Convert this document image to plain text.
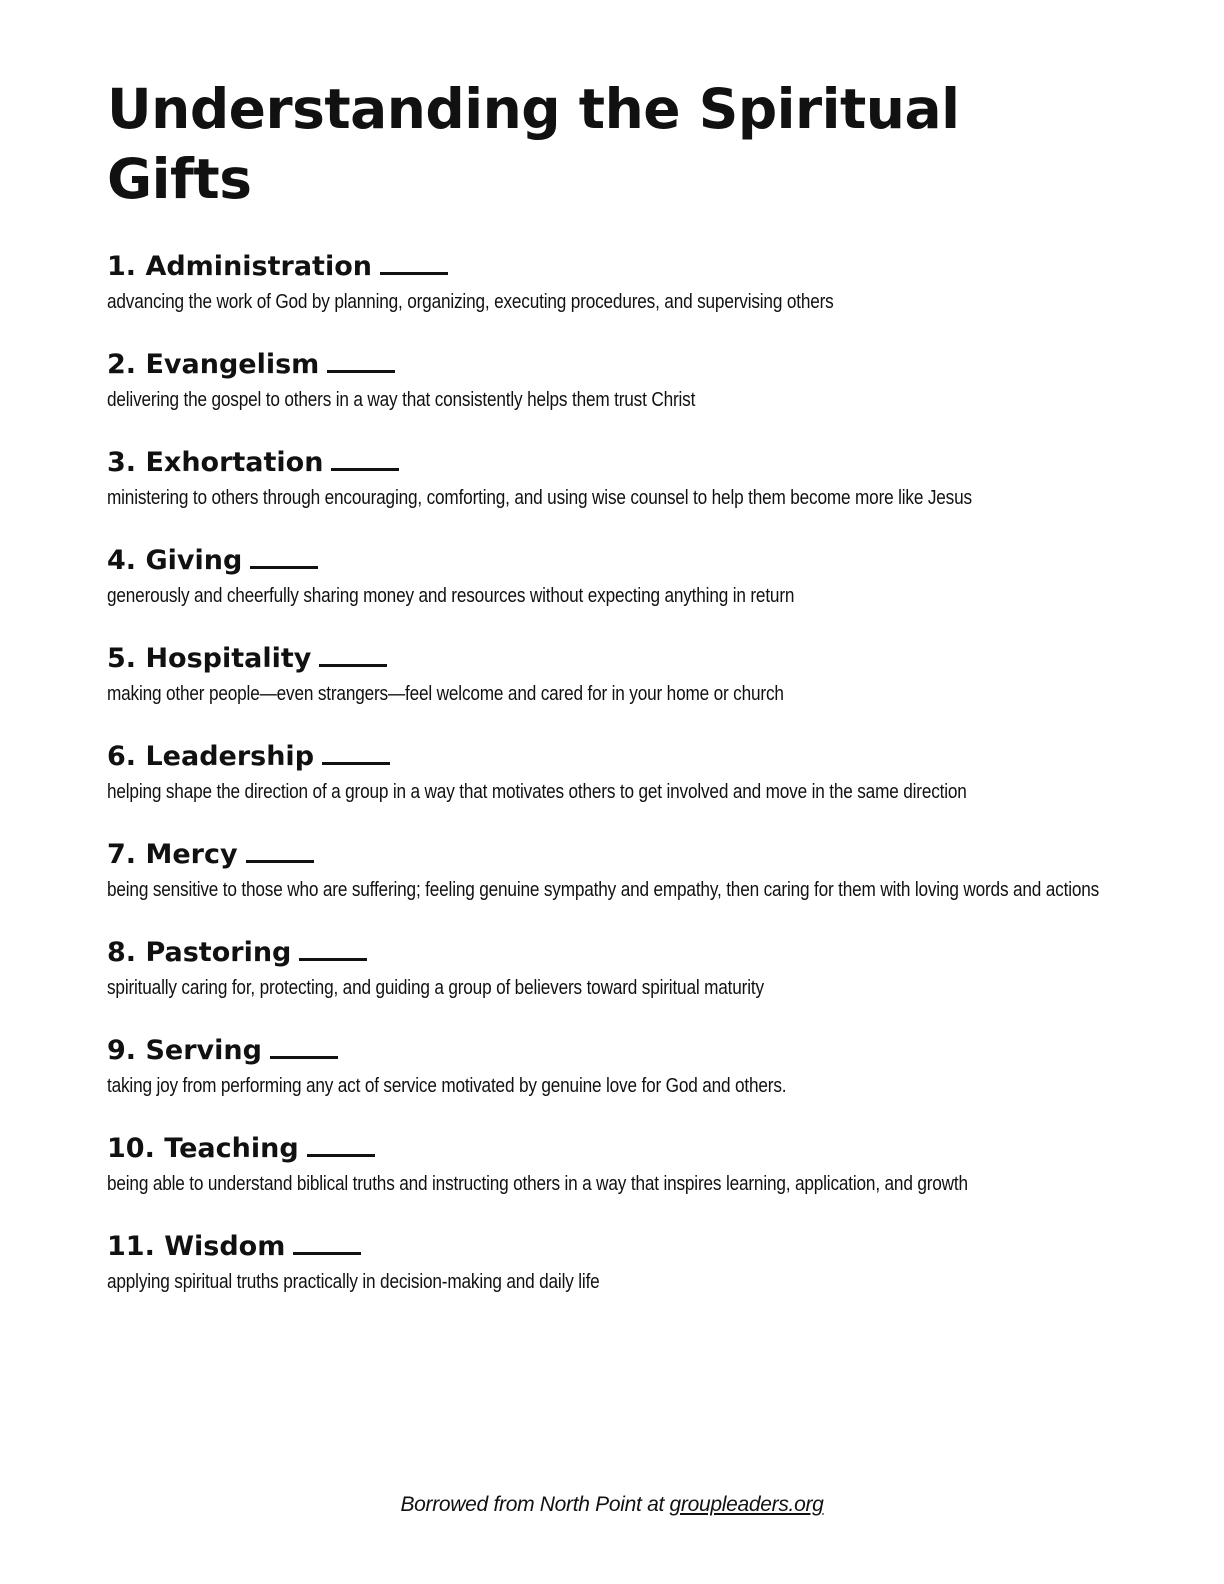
Understanding the Spiritual Gifts
1. Administration

advancing the work of God by planning, organizing, executing procedures, and supervising others

2. Evangelism

delivering the gospel to others in a way that consistently helps them trust Christ

3. Exhortation

ministering to others through encouraging, comforting, and using wise counsel to help them become more like Jesus

4. Giving

generously and cheerfully sharing money and resources without expecting anything in return

5. Hospitality

making other people—even strangers—feel welcome and cared for in your home or church

6. Leadership

helping shape the direction of a group in a way that motivates others to get involved and move in the same direction

7. Mercy

being sensitive to those who are suffering; feeling genuine sympathy and empathy, then caring for them with loving words and actions

8. Pastoring

spiritually caring for, protecting, and guiding a group of believers toward spiritual maturity

9. Serving

taking joy from performing any act of service motivated by genuine love for God and others.

10. Teaching

being able to understand biblical truths and instructing others in a way that inspires learning, application, and growth

11. Wisdom

applying spiritual truths practically in decision-making and daily life

Borrowed from North Point at groupleaders.org
